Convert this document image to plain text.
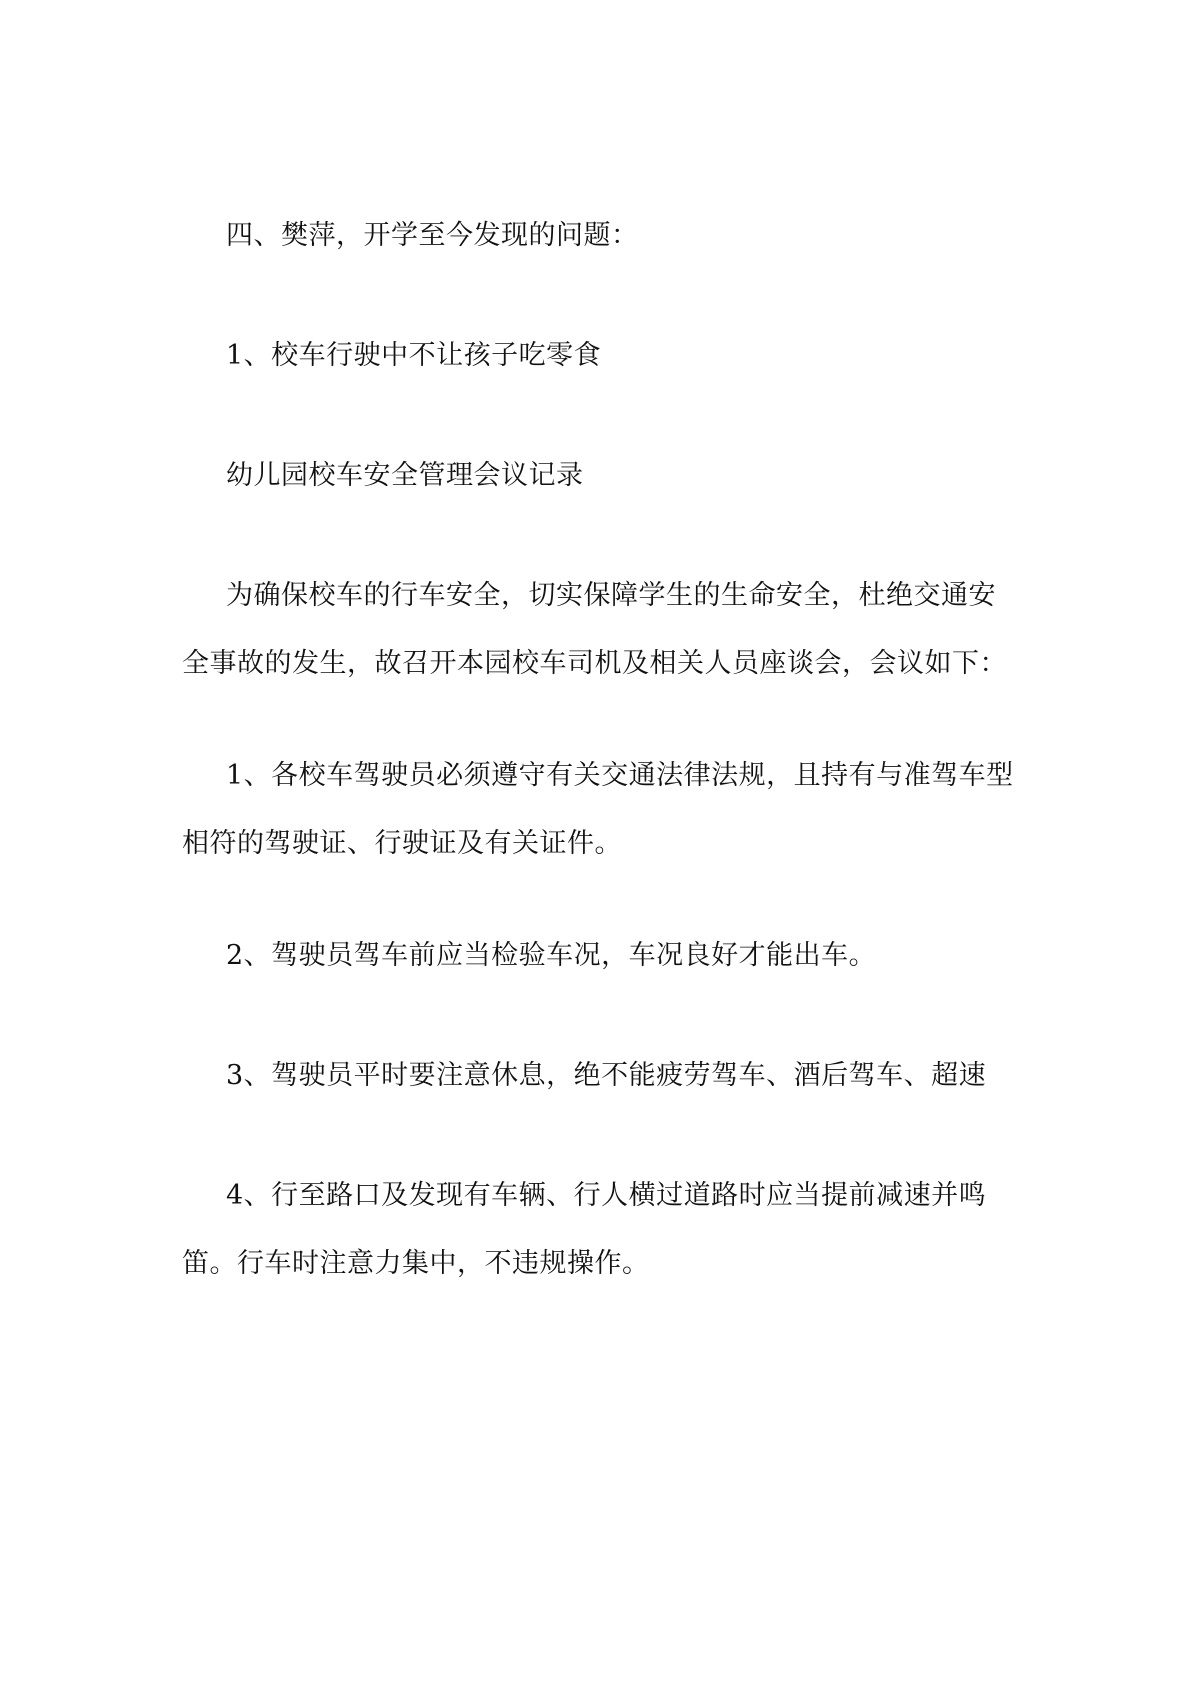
四、樊萍，开学至今发现的问题：

1、校车行驶中不让孩子吃零食

幼儿园校车安全管理会议记录

为确保校车的行车安全，切实保障学生的生命安全，杜绝交通安全事故的发生，故召开本园校车司机及相关人员座谈会，会议如下：

1、各校车驾驶员必须遵守有关交通法律法规，且持有与准驾车型相符的驾驶证、行驶证及有关证件。

2、驾驶员驾车前应当检验车况，车况良好才能出车。

3、驾驶员平时要注意休息，绝不能疲劳驾车、酒后驾车、超速

4、行至路口及发现有车辆、行人横过道路时应当提前减速并鸣笛。行车时注意力集中，不违规操作。
